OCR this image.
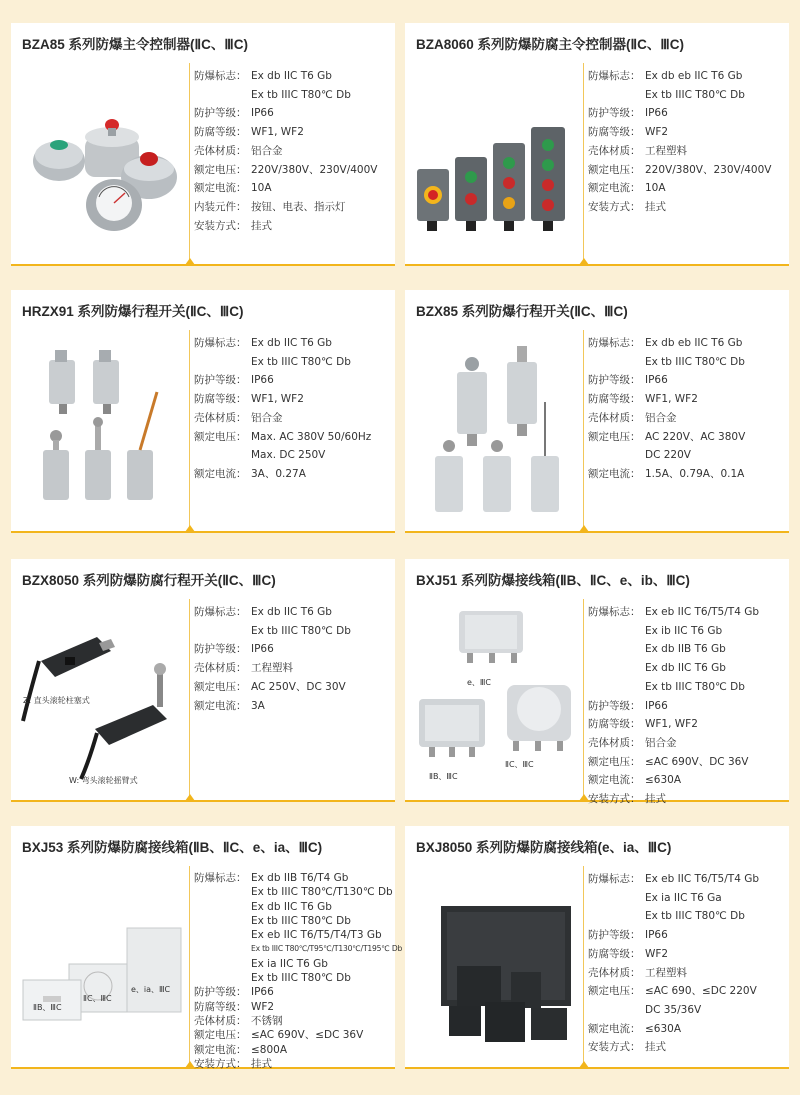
BZA85 系列防爆主令控制器(ⅡC、ⅢC)
防爆标志： Ex db IIC T6 Gb
Ex tb IIIC T80℃ Db
防护等级： IP66
防腐等级： WF1, WF2
壳体材质： 铝合金
额定电压： 220V/380V、230V/400V
额定电流： 10A
内装元件： 按钮、电表、指示灯
安装方式： 挂式
BZA8060 系列防爆防腐主令控制器(ⅡC、ⅢC)
防爆标志： Ex db eb IIC T6 Gb
Ex tb IIIC T80℃ Db
防护等级： IP66
防腐等级： WF2
壳体材质： 工程塑料
额定电压： 220V/380V、230V/400V
额定电流： 10A
安装方式： 挂式
HRZX91 系列防爆行程开关(ⅡC、ⅢC)
防爆标志： Ex db IIC T6 Gb
Ex tb IIIC T80℃ Db
防护等级： IP66
防腐等级： WF1, WF2
壳体材质： 铝合金
额定电压： Max. AC 380V 50/60Hz
Max. DC 250V
额定电流： 3A、0.27A
BZX85 系列防爆行程开关(ⅡC、ⅢC)
防爆标志： Ex db eb IIC T6 Gb
Ex tb IIIC T80℃ Db
防护等级： IP66
防腐等级： WF1, WF2
壳体材质： 铝合金
额定电压： AC 220V、AC 380V
DC 220V
额定电流： 1.5A、0.79A、0.1A
BZX8050 系列防爆防腐行程开关(ⅡC、ⅢC)
Z: 直头滚轮柱塞式
W: 弯头滚轮摇臂式
防爆标志： Ex db IIC T6 Gb
Ex tb IIIC T80℃ Db
防护等级： IP66
壳体材质： 工程塑料
额定电压： AC 250V、DC 30V
额定电流： 3A
BXJ51 系列防爆接线箱(ⅡB、ⅡC、e、ib、ⅢC)
e、ⅢC
ⅡB、ⅢC
ⅡC、ⅢC
防爆标志： Ex eb IIC T6/T5/T4 Gb
Ex ib IIC T6 Gb
Ex db IIB T6 Gb
Ex db IIC T6 Gb
Ex tb IIIC T80℃ Db
防护等级： IP66
防腐等级： WF1, WF2
壳体材质： 铝合金
额定电压： ≤AC 690V、DC 36V
额定电流： ≤630A
安装方式： 挂式
BXJ53 系列防爆防腐接线箱(ⅡB、ⅡC、e、ia、ⅢC)
ⅡB、ⅢC
ⅡC、ⅢC
e、ia、ⅢC
防爆标志： Ex db IIB T6/T4 Gb
Ex tb IIIC T80℃/T130℃ Db
Ex db IIC T6 Gb
Ex tb IIIC T80℃ Db
Ex eb IIC T6/T5/T4/T3 Gb
Ex tb IIIC T80℃/T95℃/T130℃/T195℃ Db
Ex ia IIC T6 Gb
Ex tb IIIC T80℃ Db
防护等级： IP66
防腐等级： WF2
壳体材质： 不锈钢
额定电压： ≤AC 690V、≤DC 36V
额定电流： ≤800A
安装方式： 挂式
BXJ8050 系列防爆防腐接线箱(e、ia、ⅢC)
防爆标志： Ex eb IIC T6/T5/T4 Gb
Ex ia IIC T6 Ga
Ex tb IIIC T80℃ Db
防护等级： IP66
防腐等级： WF2
壳体材质： 工程塑料
额定电压： ≤AC 690、≤DC 220V
DC 35/36V
额定电流： ≤630A
安装方式： 挂式
